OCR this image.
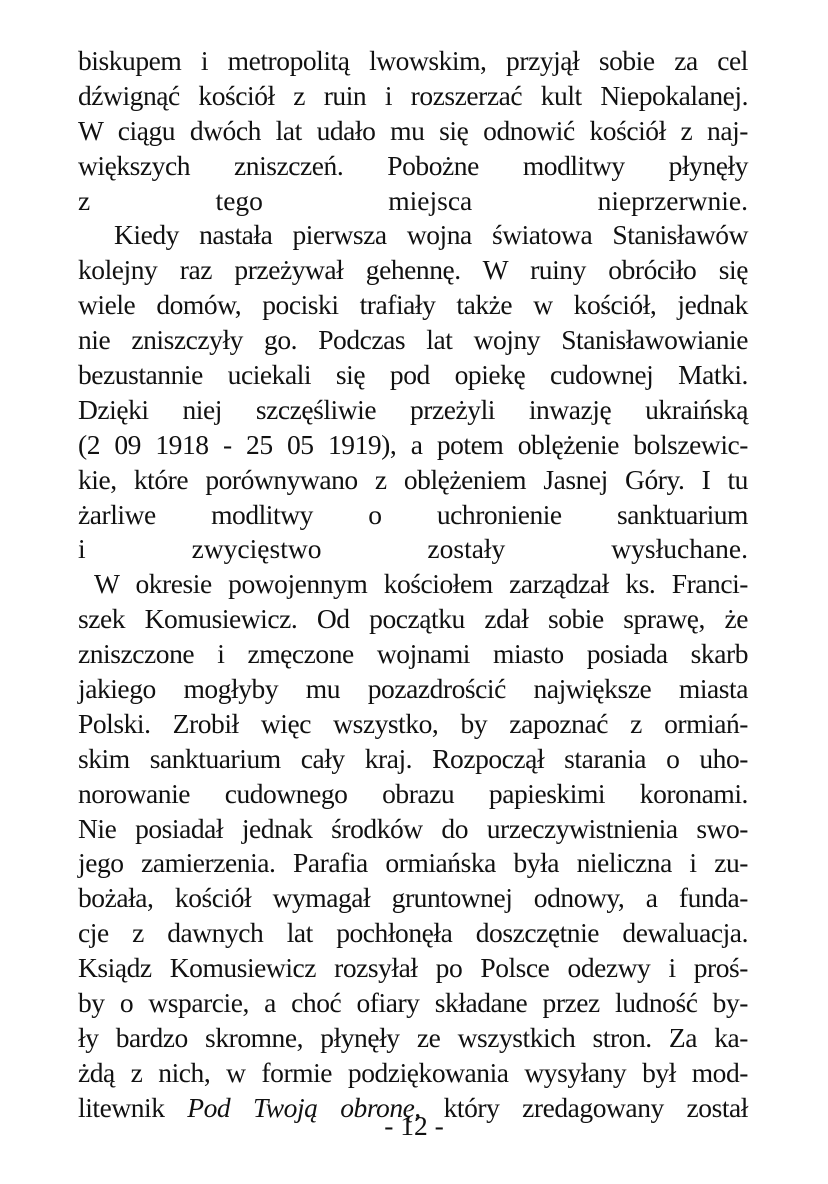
biskupem i metropolitą lwowskim, przyjął sobie za cel
dźwignąć kościół z ruin i rozszerzać kult Niepokalanej.
W ciągu dwóch lat udało mu się odnowić kościół z naj-
większych zniszczeń. Pobożne modlitwy płynęły
z tego miejsca nieprzerwnie.
Kiedy nastała pierwsza wojna światowa Stanisławów
kolejny raz przeżywał gehennę. W ruiny obróciło się
wiele domów, pociski trafiały także w kościół, jednak
nie zniszczyły go. Podczas lat wojny Stanisławowianie
bezustannie uciekali się pod opiekę cudownej Matki.
Dzięki niej szczęśliwie przeżyli inwazję ukraińską
(2 09 1918 - 25 05 1919), a potem oblężenie bolszewic-
kie, które porównywano z oblężeniem Jasnej Góry. I tu
żarliwe modlitwy o uchronienie sanktuarium
i zwycięstwo zostały wysłuchane.
W okresie powojennym kościołem zarządzał ks. Franci-
szek Komusiewicz. Od początku zdał sobie sprawę, że
zniszczone i zmęczone wojnami miasto posiada skarb
jakiego mogłyby mu pozazdrościć największe miasta
Polski. Zrobił więc wszystko, by zapoznać z ormiań-
skim sanktuarium cały kraj. Rozpoczął starania o uho-
norowanie cudownego obrazu papieskimi koronami.
Nie posiadał jednak środków do urzeczywistnienia swo-
jego zamierzenia. Parafia ormiańska była nieliczna i zu-
bożała, kościół wymagał gruntownej odnowy, a funda-
cje z dawnych lat pochłonęła doszczętnie dewaluacja.
Ksiądz Komusiewicz rozsyłał po Polsce odezwy i proś-
by o wsparcie, a choć ofiary składane przez ludność by-
ły bardzo skromne, płynęły ze wszystkich stron. Za ka-
żdą z nich, w formie podziękowania wysyłany był mod-
litewnik Pod Twoją obronę, który zredagowany został
- 12 -
